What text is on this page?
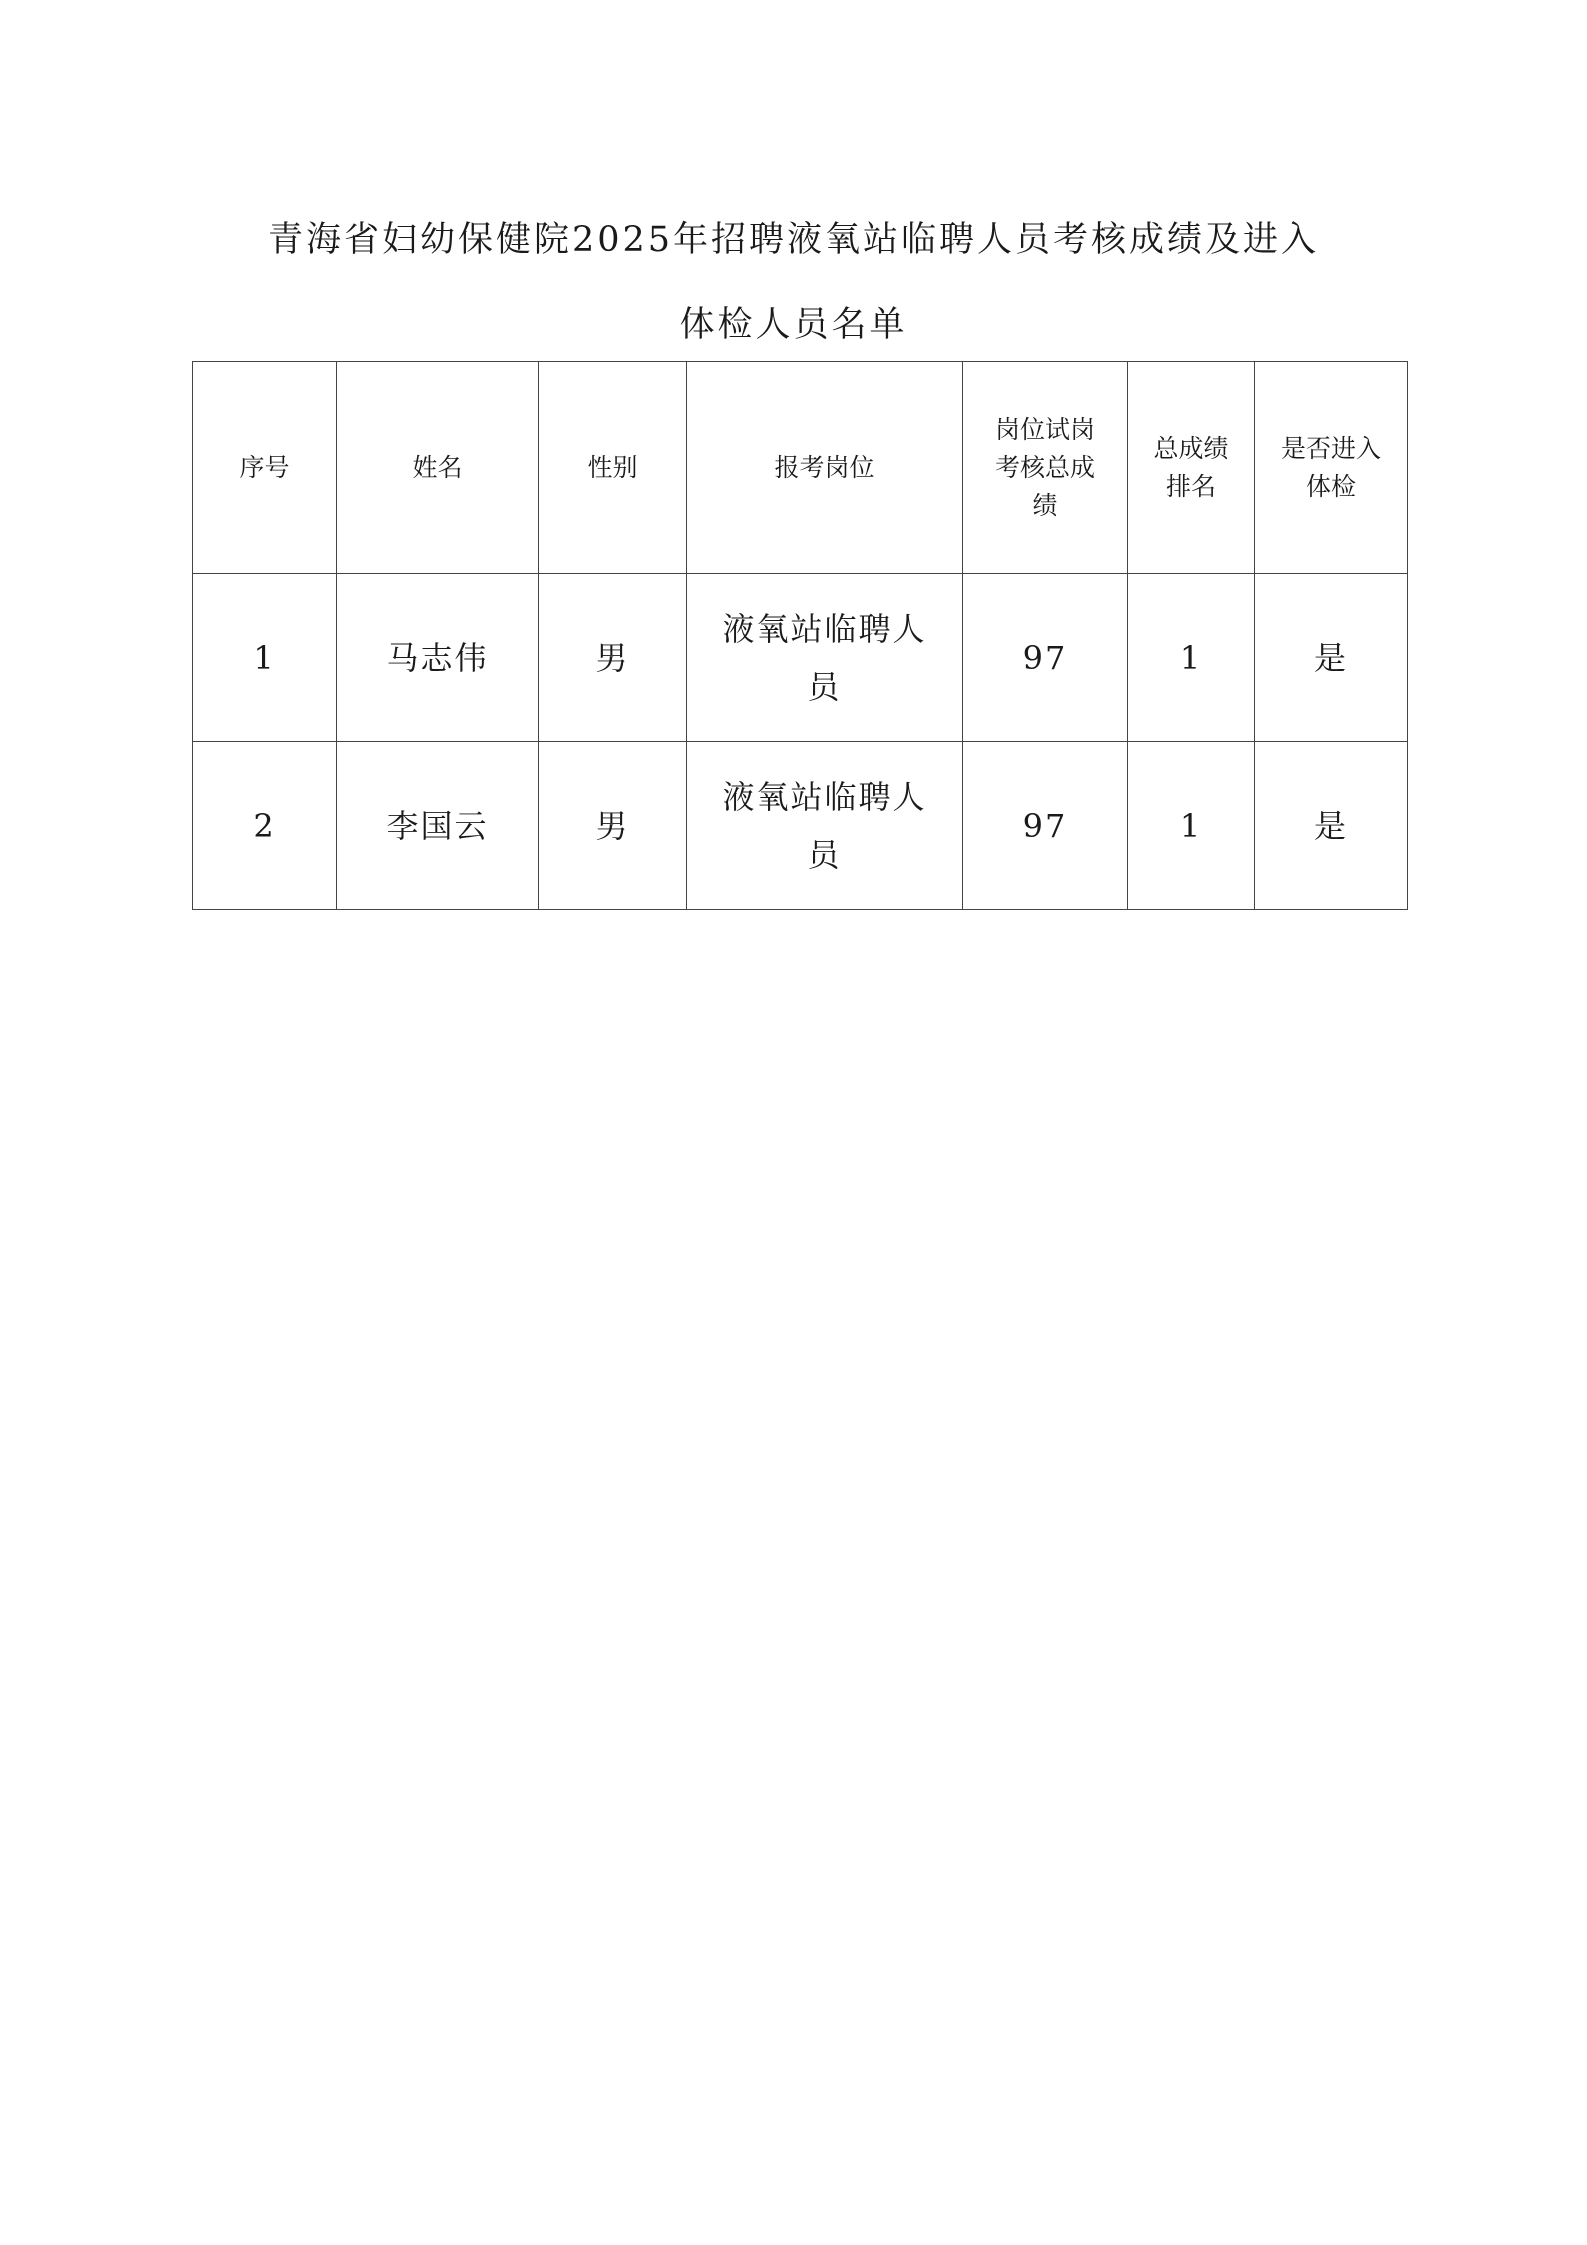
青海省妇幼保健院2025年招聘液氧站临聘人员考核成绩及进入
体检人员名单
序号	姓名	性别	报考岗位	岗位试岗考核总成绩	总成绩排名	是否进入体检

1	马志伟	男	液氧站临聘人员	97	1	是
2	李国云	男	液氧站临聘人员	97	1	是
